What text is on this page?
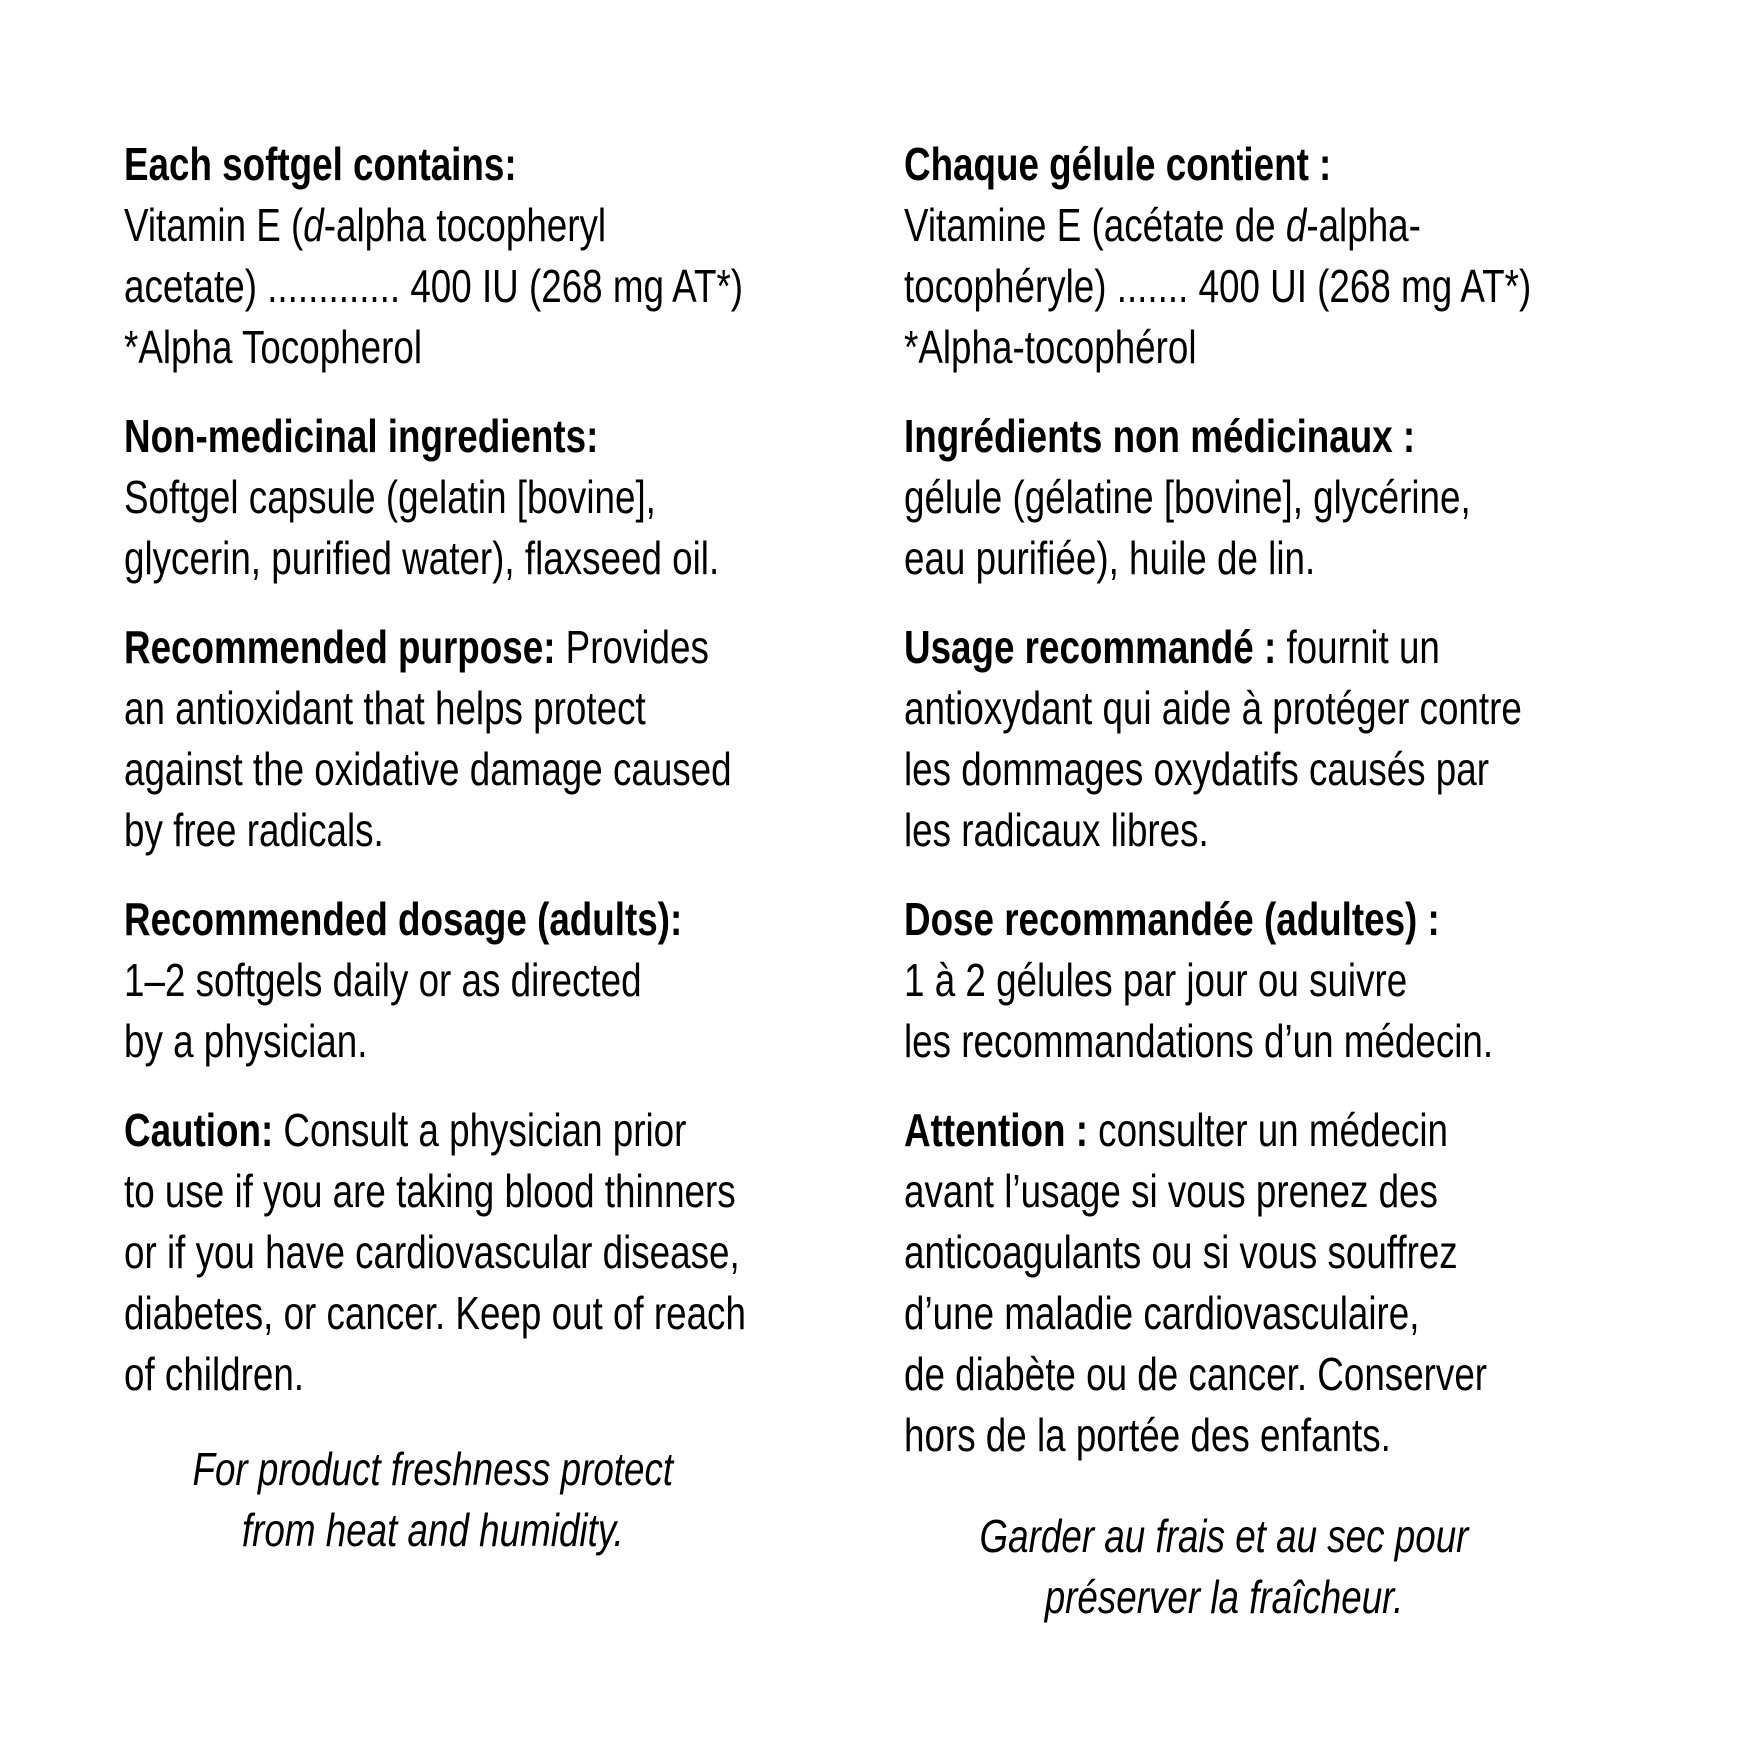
Each softgel contains:
Vitamin E (d-alpha tocopheryl
acetate) ............. 400 IU (268 mg AT*)
*Alpha Tocopherol
Non-medicinal ingredients:
Softgel capsule (gelatin [bovine],
glycerin, purified water), flaxseed oil.
Recommended purpose: Provides
an antioxidant that helps protect
against the oxidative damage caused
by free radicals.
Recommended dosage (adults):
1–2 softgels daily or as directed
by a physician.
Caution: Consult a physician prior
to use if you are taking blood thinners
or if you have cardiovascular disease,
diabetes, or cancer. Keep out of reach
of children.
For product freshness protect
from heat and humidity.
Chaque gélule contient :
Vitamine E (acétate de d-alpha-
tocophéryle) ....... 400 UI (268 mg AT*)
*Alpha-tocophérol
Ingrédients non médicinaux :
gélule (gélatine [bovine], glycérine,
eau purifiée), huile de lin.
Usage recommandé : fournit un
antioxydant qui aide à protéger contre
les dommages oxydatifs causés par
les radicaux libres.
Dose recommandée (adultes) :
1 à 2 gélules par jour ou suivre
les recommandations d’un médecin.
Attention : consulter un médecin
avant l’usage si vous prenez des
anticoagulants ou si vous souffrez
d’une maladie cardiovasculaire,
de diabète ou de cancer. Conserver
hors de la portée des enfants.
Garder au frais et au sec pour
préserver la fraîcheur.
